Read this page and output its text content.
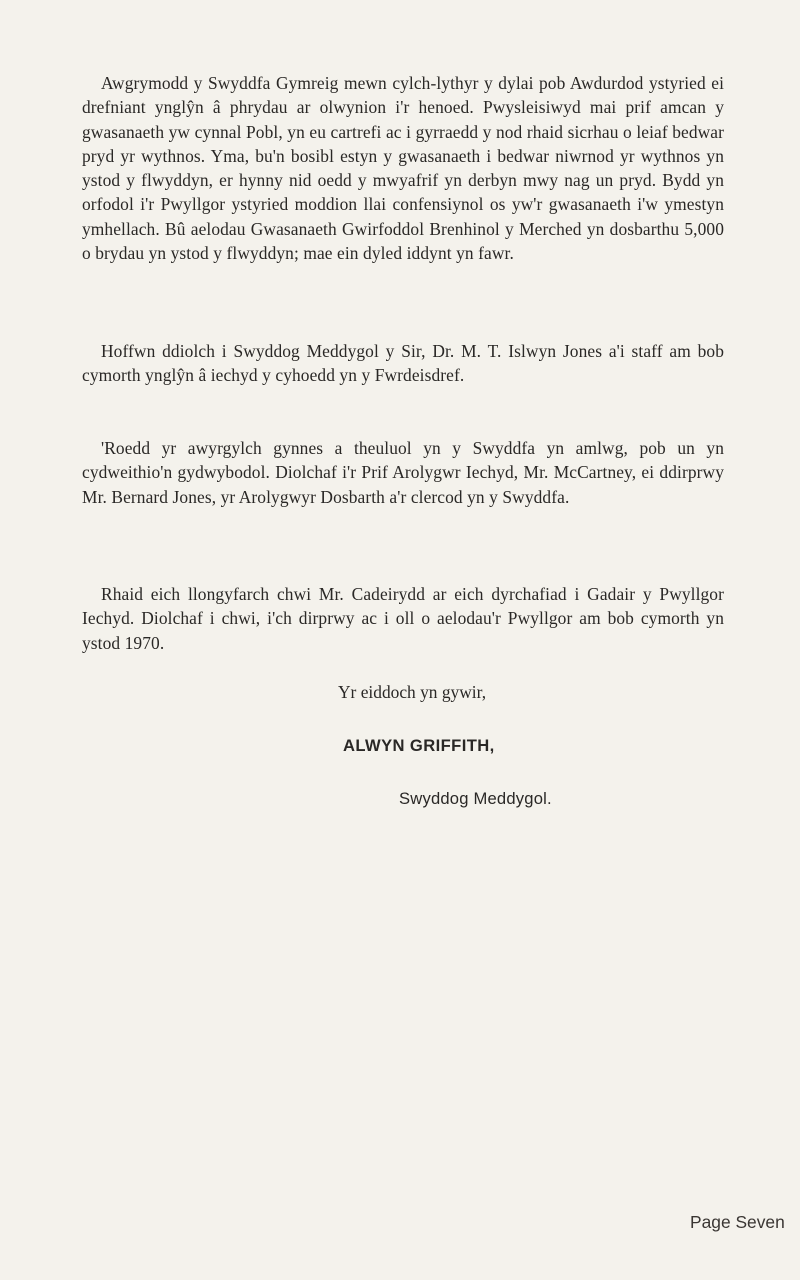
Awgrymodd y Swyddfa Gymreig mewn cylch-lythyr y dylai pob Awdurdod ystyried ei drefniant ynglŷn â phrydau ar olwynion i'r henoed. Pwysleisiwyd mai prif amcan y gwasanaeth yw cynnal Pobl, yn eu cartrefi ac i gyrraedd y nod rhaid sicrhau o leiaf bedwar pryd yr wythnos. Yma, bu'n bosibl estyn y gwasanaeth i bedwar niwrnod yr wythnos yn ystod y flwyddyn, er hynny nid oedd y mwyafrif yn derbyn mwy nag un pryd. Bydd yn orfodol i'r Pwyllgor ystyried moddion llai confensiynol os yw'r gwasanaeth i'w ymestyn ymhellach. Bû aelodau Gwasanaeth Gwirfoddol Brenhinol y Merched yn dosbarthu 5,000 o brydau yn ystod y flwyddyn; mae ein dyled iddynt yn fawr.

Hoffwn ddiolch i Swyddog Meddygol y Sir, Dr. M. T. Islwyn Jones a'i staff am bob cymorth ynglŷn â iechyd y cyhoedd yn y Fwrdeisdref.

'Roedd yr awyrgylch gynnes a theuluol yn y Swyddfa yn amlwg, pob un yn cydweithio'n gydwybodol. Diolchaf i'r Prif Arolygwr Iechyd, Mr. McCartney, ei ddirprwy Mr. Bernard Jones, yr Arolygwyr Dosbarth a'r clercod yn y Swyddfa.

Rhaid eich llongyfarch chwi Mr. Cadeirydd ar eich dyrchafiad i Gadair y Pwyllgor Iechyd. Diolchaf i chwi, i'ch dirprwy ac i oll o aelodau'r Pwyllgor am bob cymorth yn ystod 1970.

Yr eiddoch yn gywir,

ALWYN GRIFFITH,

Swyddog Meddygol.

Page Seven
